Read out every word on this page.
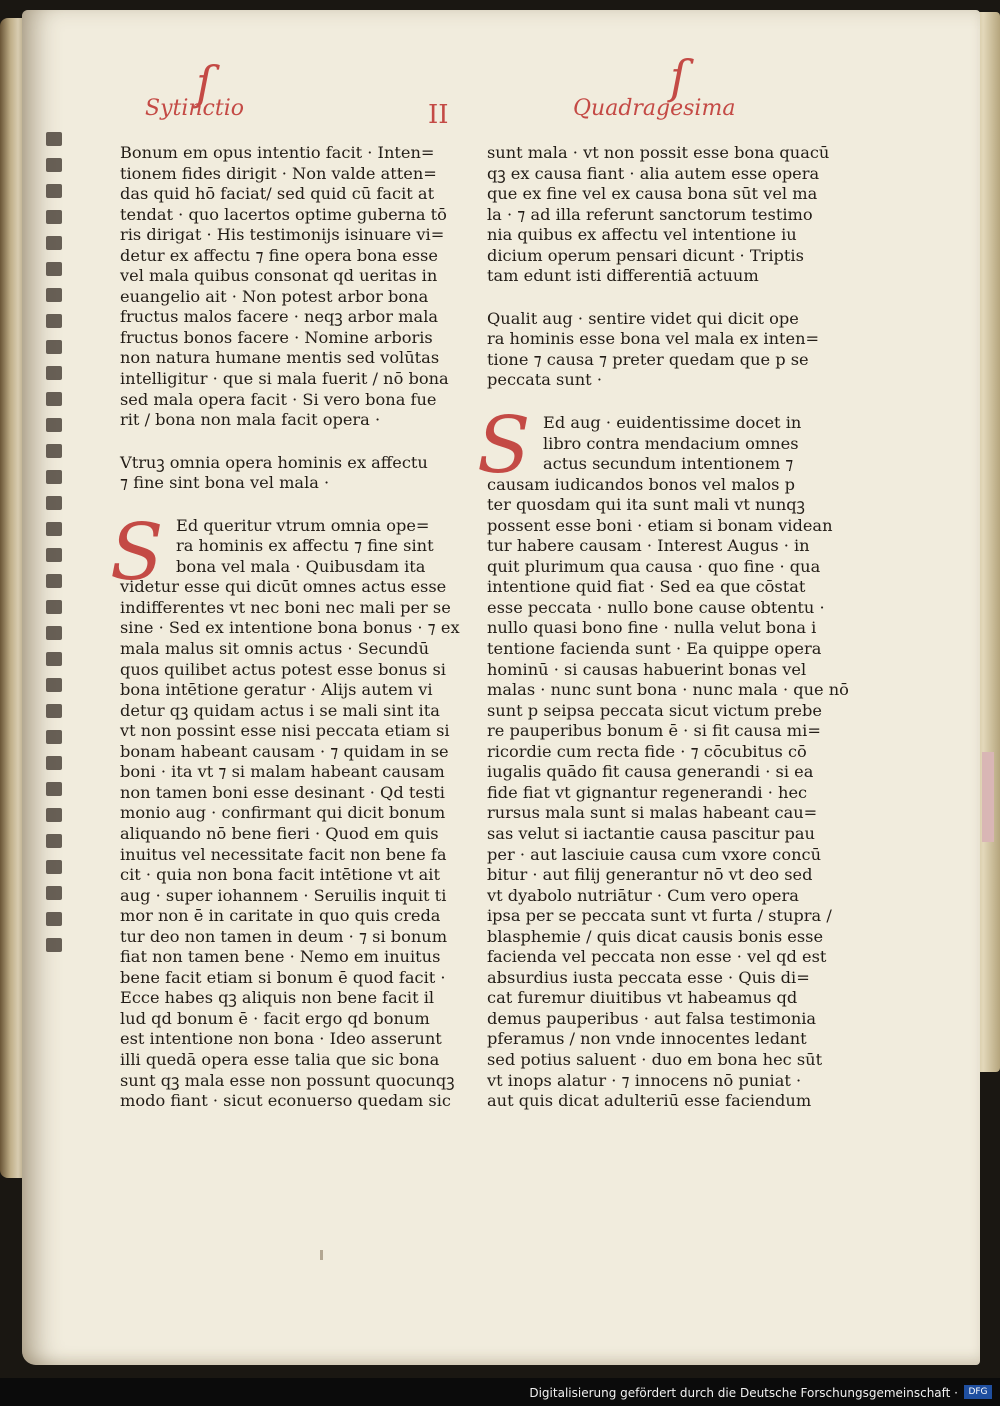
ſ	ſ
Sytinctio	II	Quadragesima

Bonum em opus intentio facit · Inten=
tionem fides dirigit · Non valde atten=
das quid hō faciat/ sed quid cū facit at
tendat · quo lacertos optime guberna tō
ris dirigat · His testimonijs isinuare vi=
detur ex affectu ⁊ fine opera bona esse
vel mala quibus consonat qd ueritas in
euangelio ait · Non potest arbor bona
fructus malos facere · neqꝫ arbor mala
fructus bonos facere · Nomine arboris
non natura humane mentis sed volūtas
intelligitur · que si mala fuerit / nō bona
sed mala opera facit · Si vero bona fue
rit / bona non mala facit opera ·

Vtruꝫ omnia opera hominis ex affectu
⁊ fine sint bona vel mala ·

S Ed queritur vtrum omnia ope=
ra hominis ex affectu ⁊ fine sint
bona vel mala · Quibusdam ita
videtur esse qui dicūt omnes actus esse
indifferentes vt nec boni nec mali per se
sine · Sed ex intentione bona bonus · ⁊ ex
mala malus sit omnis actus · Secundū
quos quilibet actus potest esse bonus si
bona intētione geratur · Alijs autem vi
detur qꝫ quidam actus i se mali sint ita
vt non possint esse nisi peccata etiam si
bonam habeant causam · ⁊ quidam in se
boni · ita vt ⁊ si malam habeant causam
non tamen boni esse desinant · Qd testi
monio aug · confirmant qui dicit bonum
aliquando nō bene fieri · Quod em quis
inuitus vel necessitate facit non bene fa
cit · quia non bona facit intētione vt ait
aug · super iohannem · Seruilis inquit ti
mor non ē in caritate in quo quis creda
tur deo non tamen in deum · ⁊ si bonum
fiat non tamen bene · Nemo em inuitus
bene facit etiam si bonum ē quod facit ·
Ecce habes qꝫ aliquis non bene facit il
lud qd bonum ē · facit ergo qd bonum
est intentione non bona · Ideo asserunt
illi quedā opera esse talia que sic bona
sunt qꝫ mala esse non possunt quocunqꝫ
modo fiant · sicut econuerso quedam sic

sunt mala · vt non possit esse bona quacū
qꝫ ex causa fiant · alia autem esse opera
que ex fine vel ex causa bona sūt vel ma
la · ⁊ ad illa referunt sanctorum testimo
nia quibus ex affectu vel intentione iu
dicium operum pensari dicunt · Triptis
tam edunt isti differentiā actuum

Qualit aug · sentire videt qui dicit ope
ra hominis esse bona vel mala ex inten=
tione ⁊ causa ⁊ preter quedam que p se
peccata sunt ·

S Ed aug · euidentissime docet in
libro contra mendacium omnes
actus secundum intentionem ⁊
causam iudicandos bonos vel malos p
ter quosdam qui ita sunt mali vt nunqꝫ
possent esse boni · etiam si bonam videan
tur habere causam · Interest Augus · in
quit plurimum qua causa · quo fine · qua
intentione quid fiat · Sed ea que cōstat
esse peccata · nullo bone cause obtentu ·
nullo quasi bono fine · nulla velut bona i
tentione facienda sunt · Ea quippe opera
hominū · si causas habuerint bonas vel
malas · nunc sunt bona · nunc mala · que nō
sunt p seipsa peccata sicut victum prebe
re pauperibus bonum ē · si fit causa mi=
ricordie cum recta fide · ⁊ cōcubitus cō
iugalis quādo fit causa generandi · si ea
fide fiat vt gignantur regenerandi · hec
rursus mala sunt si malas habeant cau=
sas velut si iactantie causa pascitur pau
per · aut lasciuie causa cum vxore concū
bitur · aut filij generantur nō vt deo sed
vt dyabolo nutriātur · Cum vero opera
ipsa per se peccata sunt vt furta / stupra /
blasphemie / quis dicat causis bonis esse
facienda vel peccata non esse · vel qd est
absurdius iusta peccata esse · Quis di=
cat furemur diuitibus vt habeamus qd
demus pauperibus · aut falsa testimonia
pferamus / non vnde innocentes ledant
sed potius saluent · duo em bona hec sūt
vt inops alatur · ⁊ innocens nō puniat ·
aut quis dicat adulteriū esse faciendum
Digitalisierung gefördert durch die Deutsche Forschungsgemeinschaft ·	DFG
